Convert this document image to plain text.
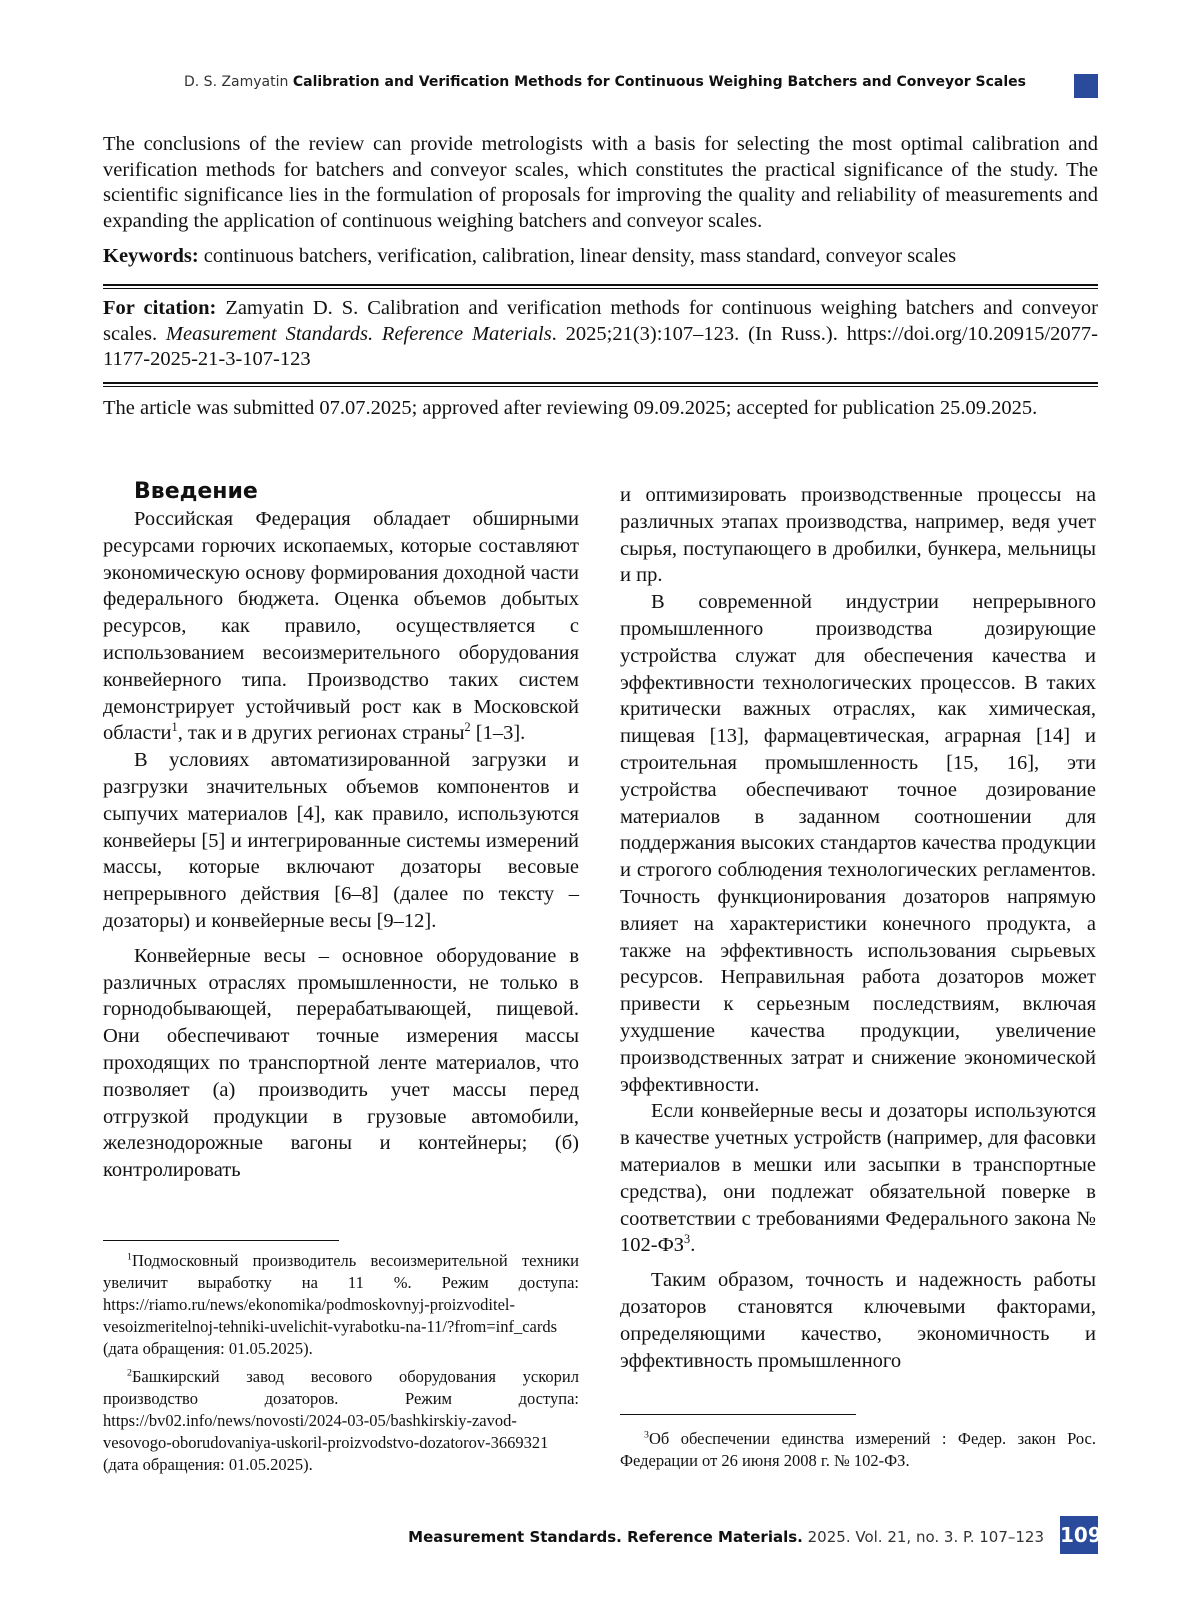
D. S. Zamyatin Calibration and Verification Methods for Continuous Weighing Batchers and Conveyor Scales

The conclusions of the review can provide metrologists with a basis for selecting the most optimal calibration and verification methods for batchers and conveyor scales, which constitutes the practical significance of the study. The scientific significance lies in the formulation of proposals for improving the quality and reliability of measurements and expanding the application of continuous weighing batchers and conveyor scales.

Keywords: continuous batchers, verification, calibration, linear density, mass standard, conveyor scales

For citation: Zamyatin D. S. Calibration and verification methods for continuous weighing batchers and conveyor scales. Measurement Standards. Reference Materials. 2025;21(3):107–123. (In Russ.). https://doi.org/10.20915/2077-1177-2025-21-3-107-123

The article was submitted 07.07.2025; approved after reviewing 09.09.2025; accepted for publication 25.09.2025.

Введение

Российская Федерация обладает обширными ресурсами горючих ископаемых, которые составляют экономическую основу формирования доходной части федерального бюджета. Оценка объемов добытых ресурсов, как правило, осуществляется с использованием весоизмерительного оборудования конвейерного типа. Производство таких систем демонстрирует устойчивый рост как в Московской области$^1$, так и в других регионах страны$^2$ [1–3].

В условиях автоматизированной загрузки и разгрузки значительных объемов компонентов и сыпучих материалов [4], как правило, используются конвейеры [5] и интегрированные системы измерений массы, которые включают дозаторы весовые непрерывного действия [6–8] (далее по тексту – дозаторы) и конвейерные весы [9–12].

Конвейерные весы – основное оборудование в различных отраслях промышленности, не только в горнодобывающей, перерабатывающей, пищевой. Они обеспечивают точные измерения массы проходящих по транспортной ленте материалов, что позволяет (а) производить учет массы перед отгрузкой продукции в грузовые автомобили, железнодорожные вагоны и контейнеры; (б) контролировать

$^1$Подмосковный производитель весоизмерительной техники увеличит выработку на 11 %. Режим доступа: https://riamo.ru/news/ekonomika/podmoskovnyj-proizvoditel-vesoizmeritelnoj-tehniki-uvelichit-vyrabotku-na-11/?from=inf_cards (дата обращения: 01.05.2025).

$^2$Башкирский завод весового оборудования ускорил производство дозаторов. Режим доступа: https://bv02.info/news/novosti/2024-03-05/bashkirskiy-zavod-vesovogo-oborudovaniya-uskoril-proizvodstvo-dozatorov-3669321 (дата обращения: 01.05.2025).

и оптимизировать производственные процессы на различных этапах производства, например, ведя учет сырья, поступающего в дробилки, бункера, мельницы и пр.

В современной индустрии непрерывного промышленного производства дозирующие устройства служат для обеспечения качества и эффективности технологических процессов. В таких критически важных отраслях, как химическая, пищевая [13], фармацевтическая, аграрная [14] и строительная промышленность [15, 16], эти устройства обеспечивают точное дозирование материалов в заданном соотношении для поддержания высоких стандартов качества продукции и строгого соблюдения технологических регламентов. Точность функционирования дозаторов напрямую влияет на характеристики конечного продукта, а также на эффективность использования сырьевых ресурсов. Неправильная работа дозаторов может привести к серьезным последствиям, включая ухудшение качества продукции, увеличение производственных затрат и снижение экономической эффективности.

Если конвейерные весы и дозаторы используются в качестве учетных устройств (например, для фасовки материалов в мешки или засыпки в транспортные средства), они подлежат обязательной поверке в соответствии с требованиями Федерального закона № $102-ФЗ^3$.

Таким образом, точность и надежность работы дозаторов становятся ключевыми факторами, определяющими качество, экономичность и эффективность промышленного

$^3$Об обеспечении единства измерений : Федер. закон Рос. Федерации от 26 июня 2008 г. № 102-ФЗ.

Measurement Standards. Reference Materials. 2025. Vol. 21, no. 3. P. 107–123 109
